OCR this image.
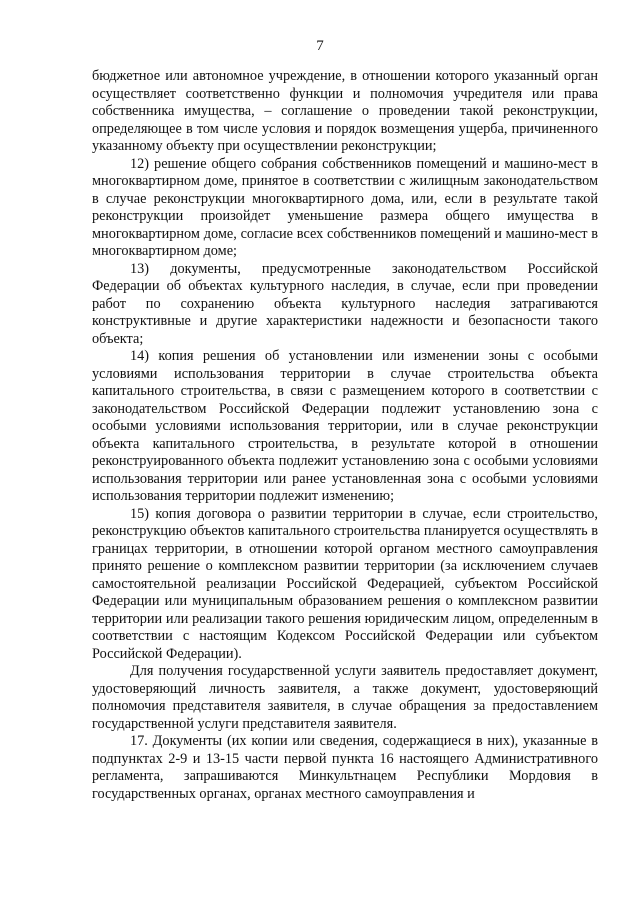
7

бюджетное или автономное учреждение, в отношении которого указанный орган осуществляет соответственно функции и полномочия учредителя или права собственника имущества, – соглашение о проведении такой реконструкции, определяющее в том числе условия и порядок возмещения ущерба, причиненного указанному объекту при осуществлении реконструкции;

12) решение общего собрания собственников помещений и машино-мест в многоквартирном доме, принятое в соответствии с жилищным законодательством в случае реконструкции многоквартирного дома, или, если в результате такой реконструкции произойдет уменьшение размера общего имущества в многоквартирном доме, согласие всех собственников помещений и машино-мест в многоквартирном доме;

13) документы, предусмотренные законодательством Российской Федерации об объектах культурного наследия, в случае, если при проведении работ по сохранению объекта культурного наследия затрагиваются конструктивные и другие характеристики надежности и безопасности такого объекта;

14) копия решения об установлении или изменении зоны с особыми условиями использования территории в случае строительства объекта капитального строительства, в связи с размещением которого в соответствии с законодательством Российской Федерации подлежит установлению зона с особыми условиями использования территории, или в случае реконструкции объекта капитального строительства, в результате которой в отношении реконструированного объекта подлежит установлению зона с особыми условиями использования территории или ранее установленная зона с особыми условиями использования территории подлежит изменению;

15) копия договора о развитии территории в случае, если строительство, реконструкцию объектов капитального строительства планируется осуществлять в границах территории, в отношении которой органом местного самоуправления принято решение о комплексном развитии территории (за исключением случаев самостоятельной реализации Российской Федерацией, субъектом Российской Федерации или муниципальным образованием решения о комплексном развитии территории или реализации такого решения юридическим лицом, определенным в соответствии с настоящим Кодексом Российской Федерации или субъектом Российской Федерации).

Для получения государственной услуги заявитель предоставляет документ, удостоверяющий личность заявителя, а также документ, удостоверяющий полномочия представителя заявителя, в случае обращения за предоставлением государственной услуги представителя заявителя.

17. Документы (их копии или сведения, содержащиеся в них), указанные в подпунктах 2-9 и 13-15 части первой пункта 16 настоящего Административного регламента, запрашиваются Минкультнацем Республики Мордовия в государственных органах, органах местного самоуправления и
